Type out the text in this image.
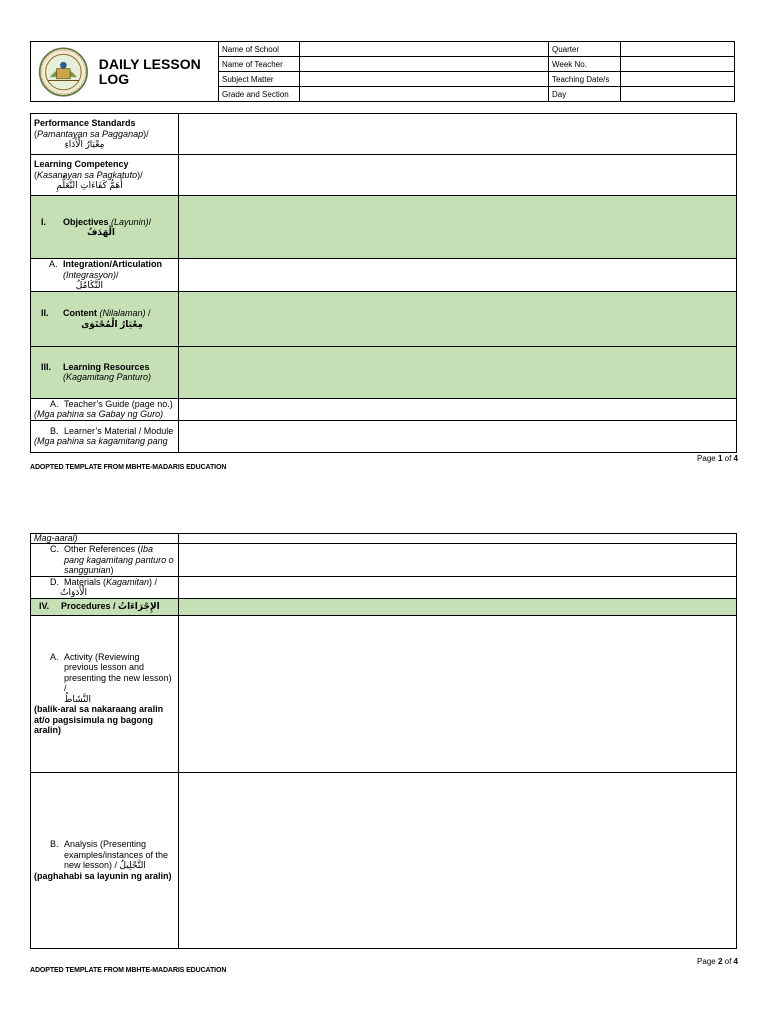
DAILY LESSON LOG	Name of School		Quarter	
	Name of Teacher		Week No.	
	Subject Matter		Teaching Date/s	
	Grade and Section		Day	
Performance Standards
(Pamantayan sa Pagganap)/
مِعْيَارُ الْأَدَاءِ	

Learning Competency
(Kasanayan sa Pagkatuto)/
أَهَمُّ كَفَاءَاتِ التَّعَلُّمِ	

I. Objectives (Layunin)/
الْهَدَفُ	

A. Integration/Articulation
(Integrasyon)/
التَّكَامُلُ	

II. Content (Nilalaman) /
مِعْيَارُ الْمُحْتَوَى	

III. Learning Resources
(Kagamitang Panturo)	

A. Teacher’s Guide (page no.)
(Mga pahina sa Gabay ng Guro)	

B. Learner’s Material / Module
(Mga pahina sa kagamitang pang	

Page 1 of 4
ADOPTED TEMPLATE FROM MBHTE-MADARIS EDUCATION
Mag-aaral)	

C. Other References (Iba pang kagamitang panturo o sanggunian)	

D. Materials (Kagamitan) /
الْأَدَوَاتُ	

IV. Procedures / الإِجْرَاءَاتُ	

A. Activity (Reviewing previous lesson and presenting the new lesson) /
النَّشَاطُ
(balik-aral sa nakaraang aralin at/o pagsisimula ng bagong aralin)	

B. Analysis (Presenting examples/instances of the new lesson) / التَّحْلِيلُ
(paghahabi sa layunin ng aralin)	

Page 2 of 4
ADOPTED TEMPLATE FROM MBHTE-MADARIS EDUCATION
